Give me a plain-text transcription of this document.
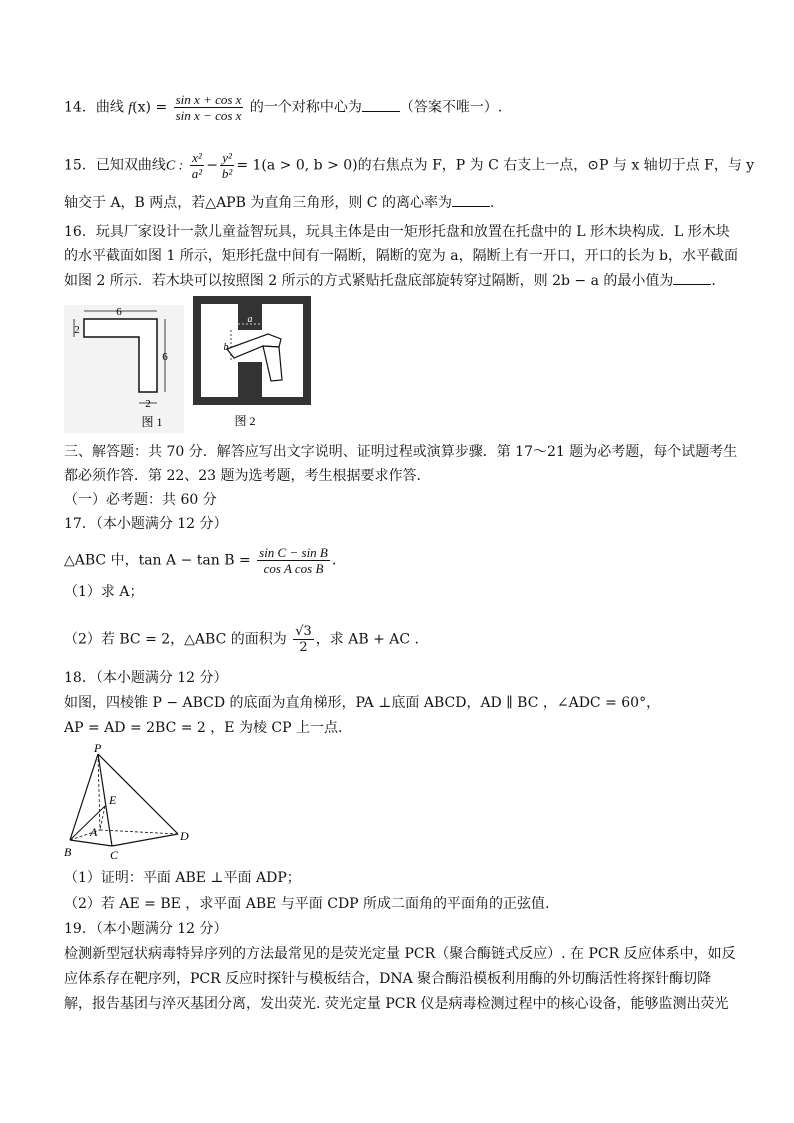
14．曲线 $f(x) = \frac{\text{sin x + cos x}}{\text{sin x − cos x}}$ 的一个对称中心为	（答案不唯一）.
15．已知双曲线C : $\frac{\text{x²}}{\text{a²}} - \frac{\text{y²}}{\text{b²}} = 1(a > 0$, b > 0)的右焦点为 F，P 为 C 右支上一点，⊙P 与 x 轴切于点 F，与 y
轴交于 A，B 两点，若△APB 为直角三角形，则 C 的离心率为	.
16．玩具厂家设计一款儿童益智玩具，玩具主体是由一矩形托盘和放置在托盘中的 L 形木块构成．L 形木块
的水平截面如图 1 所示，矩形托盘中间有一隔断，隔断的宽为 a，隔断上有一开口，开口的长为 b，水平截面
如图 2 所示．若木块可以按照图 2 所示的方式紧贴托盘底部旋转穿过隔断，则 2b − a 的最小值为	.
6
2
6
2
图 1
a
b
图 2
三、解答题：共 70 分．解答应写出文字说明、证明过程或演算步骤．第 17～21 题为必考题，每个试题考生
都必须作答．第 22、23 题为选考题，考生根据要求作答．
（一）必考题：共 60 分
17．（本小题满分 12 分）
△ABC 中，$\tan A - \tan B = \frac{\text{sin C − sin B}}{\text{cos A cos B}}$ .
（1）求 A；
（2）若 BC = 2，△ABC 的面积为 $\frac{√3}{2}$ ，求 AB + AC .
18．（本小题满分 12 分）
如图，四棱锥 P − ABCD 的底面为直角梯形，PA ⊥底面 ABCD，AD ∥ BC ，∠ADC = 60°，
AP = AD = 2BC = 2 ，E 为棱 CP 上一点.
P
E
A
B	C
D
（1）证明：平面 ABE ⊥平面 ADP；
（2）若 AE = BE ，求平面 ABE 与平面 CDP 所成二面角的平面角的正弦值.
19．（本小题满分 12 分）
检测新型冠状病毒特异序列的方法最常见的是荧光定量 PCR（聚合酶链式反应）. 在 PCR 反应体系中，如反
应体系存在靶序列，PCR 反应时探针与模板结合，DNA 聚合酶沿模板利用酶的外切酶活性将探针酶切降
解，报告基团与淬灭基团分离，发出荧光. 荧光定量 PCR 仪是病毒检测过程中的核心设备，能够监测出荧光
